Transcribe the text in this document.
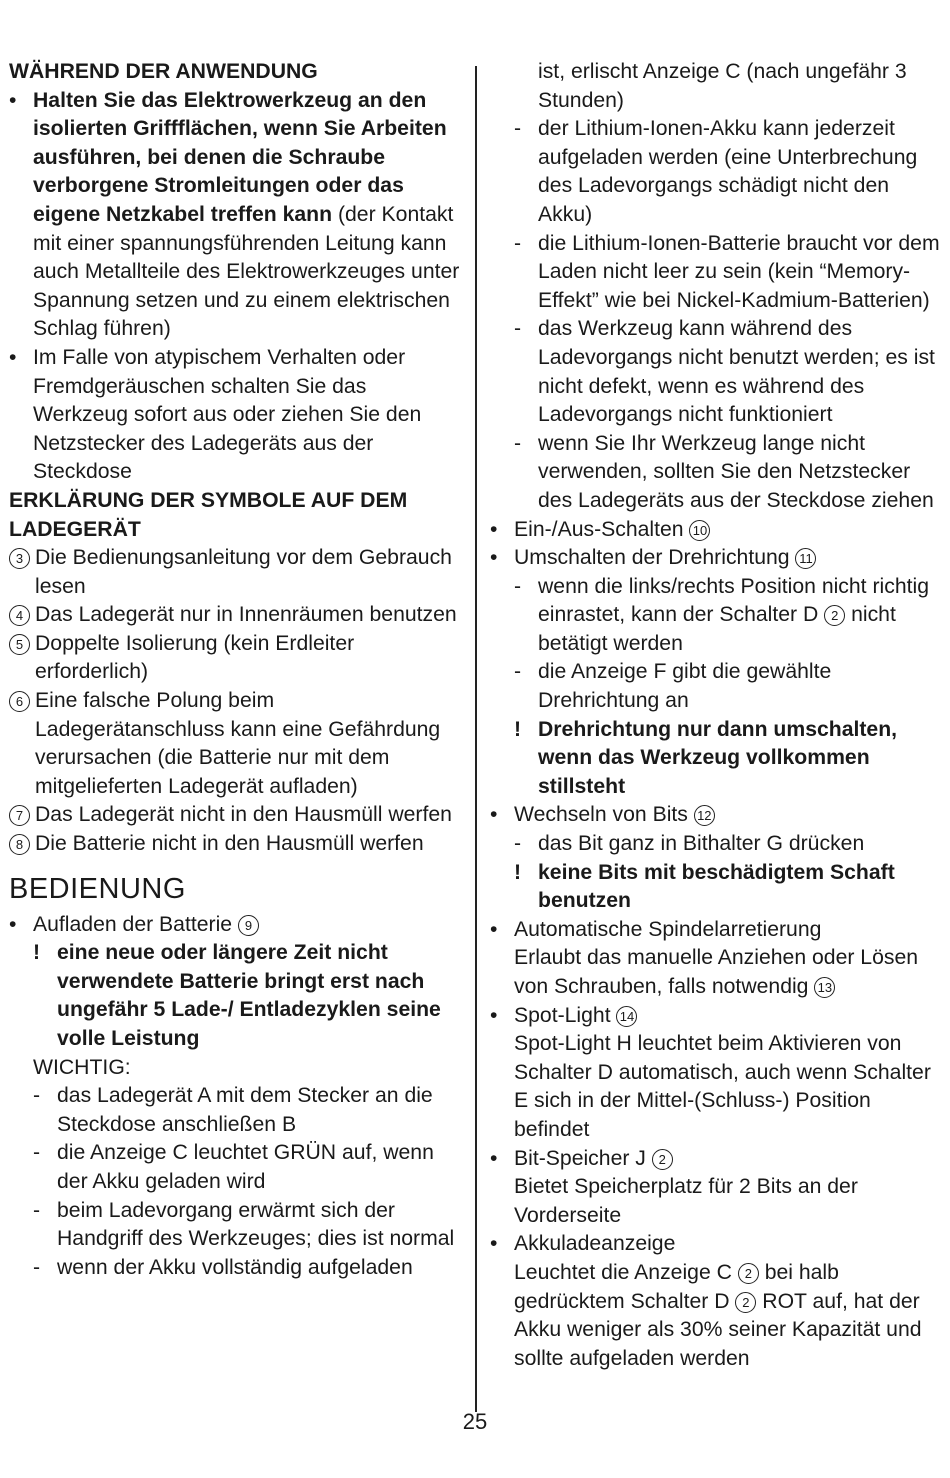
WÄHREND DER ANWENDUNG
• Halten Sie das Elektrowerkzeug an den isolierten Griffflächen, wenn Sie Arbeiten ausführen, bei denen die Schraube verborgene Stromleitungen oder das eigene Netzkabel treffen kann (der Kontakt mit einer spannungsführenden Leitung kann auch Metallteile des Elektrowerkzeuges unter Spannung setzen und zu einem elektrischen Schlag führen)
• Im Falle von atypischem Verhalten oder Fremdgeräuschen schalten Sie das Werkzeug sofort aus oder ziehen Sie den Netzstecker des Ladegeräts aus der Steckdose
ERKLÄRUNG DER SYMBOLE AUF DEM LADEGERÄT
3 Die Bedienungsanleitung vor dem Gebrauch lesen
4 Das Ladegerät nur in Innenräumen benutzen
5 Doppelte Isolierung (kein Erdleiter erforderlich)
6 Eine falsche Polung beim Ladegerätanschluss kann eine Gefährdung verursachen (die Batterie nur mit dem mitgelieferten Ladegerät aufladen)
7 Das Ladegerät nicht in den Hausmüll werfen
8 Die Batterie nicht in den Hausmüll werfen
BEDIENUNG
• Aufladen der Batterie 9
! eine neue oder längere Zeit nicht verwendete Batterie bringt erst nach ungefähr 5 Lade-/ Entladezyklen seine volle Leistung
WICHTIG:
- das Ladegerät A mit dem Stecker an die Steckdose anschließen B
- die Anzeige C leuchtet GRÜN auf, wenn der Akku geladen wird
- beim Ladevorgang erwärmt sich der Handgriff des Werkzeuges; dies ist normal
- wenn der Akku vollständig aufgeladen
ist, erlischt Anzeige C (nach ungefähr 3 Stunden)
- der Lithium-Ionen-Akku kann jederzeit aufgeladen werden (eine Unterbrechung des Ladevorgangs schädigt nicht den Akku)
- die Lithium-Ionen-Batterie braucht vor dem Laden nicht leer zu sein (kein “Memory-Effekt” wie bei Nickel-Kadmium-Batterien)
- das Werkzeug kann während des Ladevorgangs nicht benutzt werden; es ist nicht defekt, wenn es während des Ladevorgangs nicht funktioniert
- wenn Sie Ihr Werkzeug lange nicht verwenden, sollten Sie den Netzstecker des Ladegeräts aus der Steckdose ziehen
• Ein-/Aus-Schalten 10
• Umschalten der Drehrichtung 11
- wenn die links/rechts Position nicht richtig einrastet, kann der Schalter D 2 nicht betätigt werden
- die Anzeige F gibt die gewählte Drehrichtung an
! Drehrichtung nur dann umschalten, wenn das Werkzeug vollkommen stillsteht
• Wechseln von Bits 12
- das Bit ganz in Bithalter G drücken
! keine Bits mit beschädigtem Schaft benutzen
• Automatische Spindelarretierung
Erlaubt das manuelle Anziehen oder Lösen von Schrauben, falls notwendig 13
• Spot-Light 14
Spot-Light H leuchtet beim Aktivieren von Schalter D automatisch, auch wenn Schalter E sich in der Mittel-(Schluss-) Position befindet
• Bit-Speicher J 2
Bietet Speicherplatz für 2 Bits an der Vorderseite
• Akkuladeanzeige
Leuchtet die Anzeige C 2 bei halb gedrücktem Schalter D 2 ROT auf, hat der Akku weniger als 30% seiner Kapazität und sollte aufgeladen werden
25
